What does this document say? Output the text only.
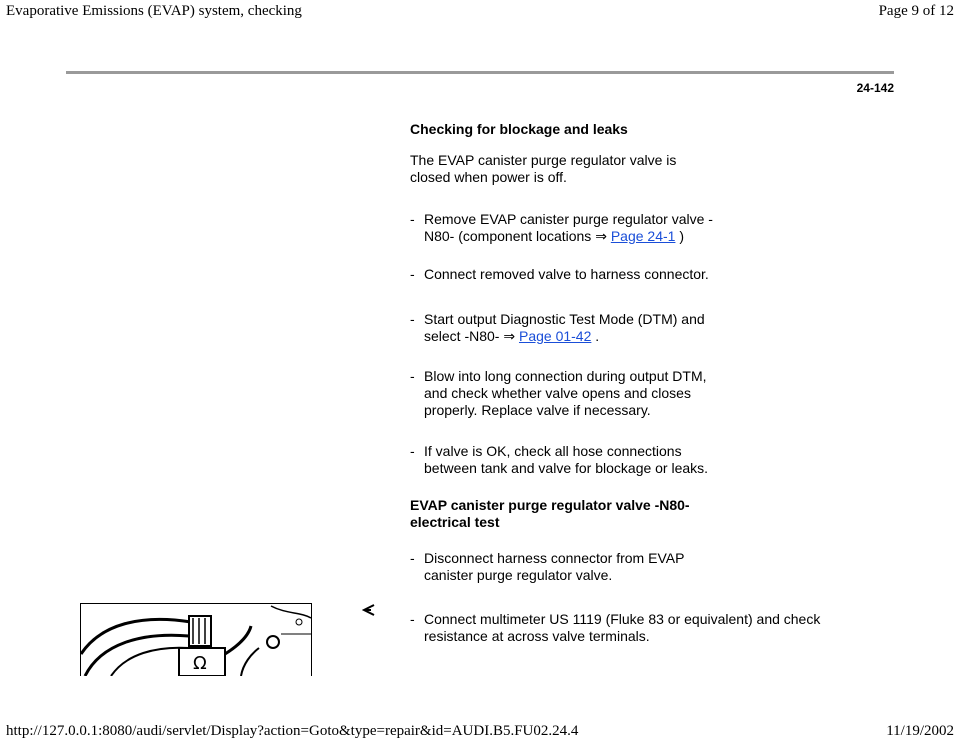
Evaporative Emissions (EVAP) system, checking	Page 9 of 12
24-142
Checking for blockage and leaks
The EVAP canister purge regulator valve is
closed when power is off.
- Remove EVAP canister purge regulator valve -
N80- (component locations ⇒ Page 24-1 )
- Connect removed valve to harness connector.
- Start output Diagnostic Test Mode (DTM) and
select -N80- ⇒ Page 01-42 .
- Blow into long connection during output DTM,
and check whether valve opens and closes
properly. Replace valve if necessary.
- If valve is OK, check all hose connections
between tank and valve for blockage or leaks.
EVAP canister purge regulator valve -N80-
electrical test
- Disconnect harness connector from EVAP
canister purge regulator valve.
- Connect multimeter US 1119 (Fluke 83 or equivalent) and check
resistance at across valve terminals.
Ω
http://127.0.0.1:8080/audi/servlet/Display?action=Goto&type=repair&id=AUDI.B5.FU02.24.4	11/19/2002
